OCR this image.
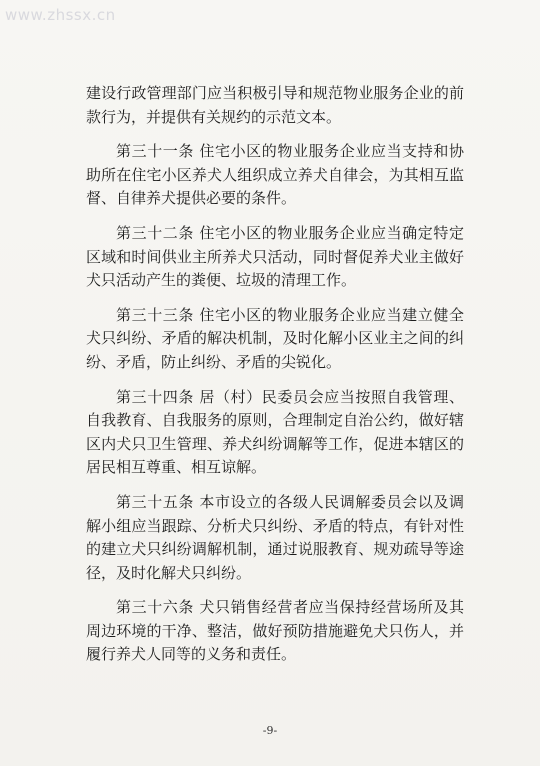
www.zhssx.cn

建设行政管理部门应当积极引导和规范物业服务企业的前款行为，并提供有关规约的示范文本。

第三十一条 住宅小区的物业服务企业应当支持和协助所在住宅小区养犬人组织成立养犬自律会，为其相互监督、自律养犬提供必要的条件。

第三十二条 住宅小区的物业服务企业应当确定特定区域和时间供业主所养犬只活动，同时督促养犬业主做好犬只活动产生的粪便、垃圾的清理工作。

第三十三条 住宅小区的物业服务企业应当建立健全犬只纠纷、矛盾的解决机制，及时化解小区业主之间的纠纷、矛盾，防止纠纷、矛盾的尖锐化。

第三十四条 居（村）民委员会应当按照自我管理、自我教育、自我服务的原则，合理制定自治公约，做好辖区内犬只卫生管理、养犬纠纷调解等工作，促进本辖区的居民相互尊重、相互谅解。

第三十五条 本市设立的各级人民调解委员会以及调解小组应当跟踪、分析犬只纠纷、矛盾的特点，有针对性的建立犬只纠纷调解机制，通过说服教育、规劝疏导等途径，及时化解犬只纠纷。

第三十六条 犬只销售经营者应当保持经营场所及其周边环境的干净、整洁，做好预防措施避免犬只伤人，并履行养犬人同等的义务和责任。

-9-
